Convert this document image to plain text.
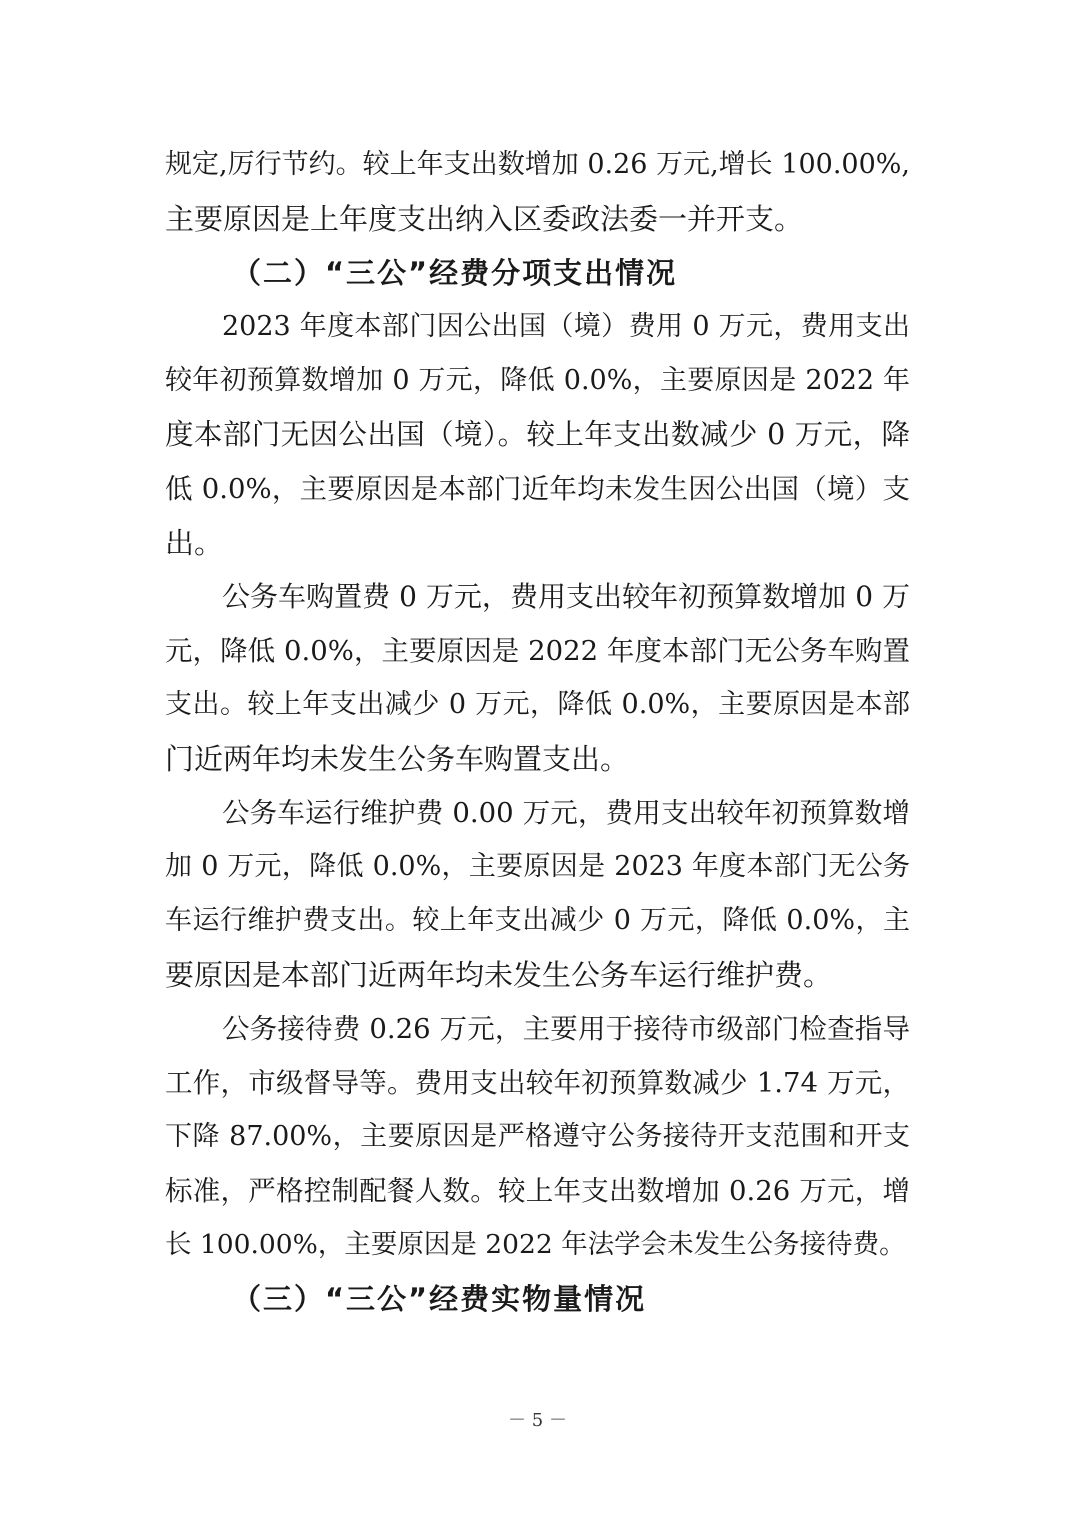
规定,厉行节约。较上年支出数增加 0.26 万元,增长 100.00%,
主要原因是上年度支出纳入区委政法委一并开支。
（二）“三公”经费分项支出情况
2023 年度本部门因公出国（境）费用 0 万元，费用支出
较年初预算数增加 0 万元，降低 0.0%，主要原因是 2022 年
度本部门无因公出国（境）。较上年支出数减少 0 万元，降
低 0.0%，主要原因是本部门近年均未发生因公出国（境）支
出。
公务车购置费 0 万元，费用支出较年初预算数增加 0 万
元，降低 0.0%，主要原因是 2022 年度本部门无公务车购置
支出。较上年支出减少 0 万元，降低 0.0%，主要原因是本部
门近两年均未发生公务车购置支出。
公务车运行维护费 0.00 万元，费用支出较年初预算数增
加 0 万元，降低 0.0%，主要原因是 2023 年度本部门无公务
车运行维护费支出。较上年支出减少 0 万元，降低 0.0%，主
要原因是本部门近两年均未发生公务车运行维护费。
公务接待费 0.26 万元，主要用于接待市级部门检查指导
工作，市级督导等。费用支出较年初预算数减少 1.74 万元，
下降 87.00%，主要原因是严格遵守公务接待开支范围和开支
标准，严格控制配餐人数。较上年支出数增加 0.26 万元，增
长 100.00%，主要原因是 2022 年法学会未发生公务接待费。
（三）“三公”经费实物量情况
－ 5 －
